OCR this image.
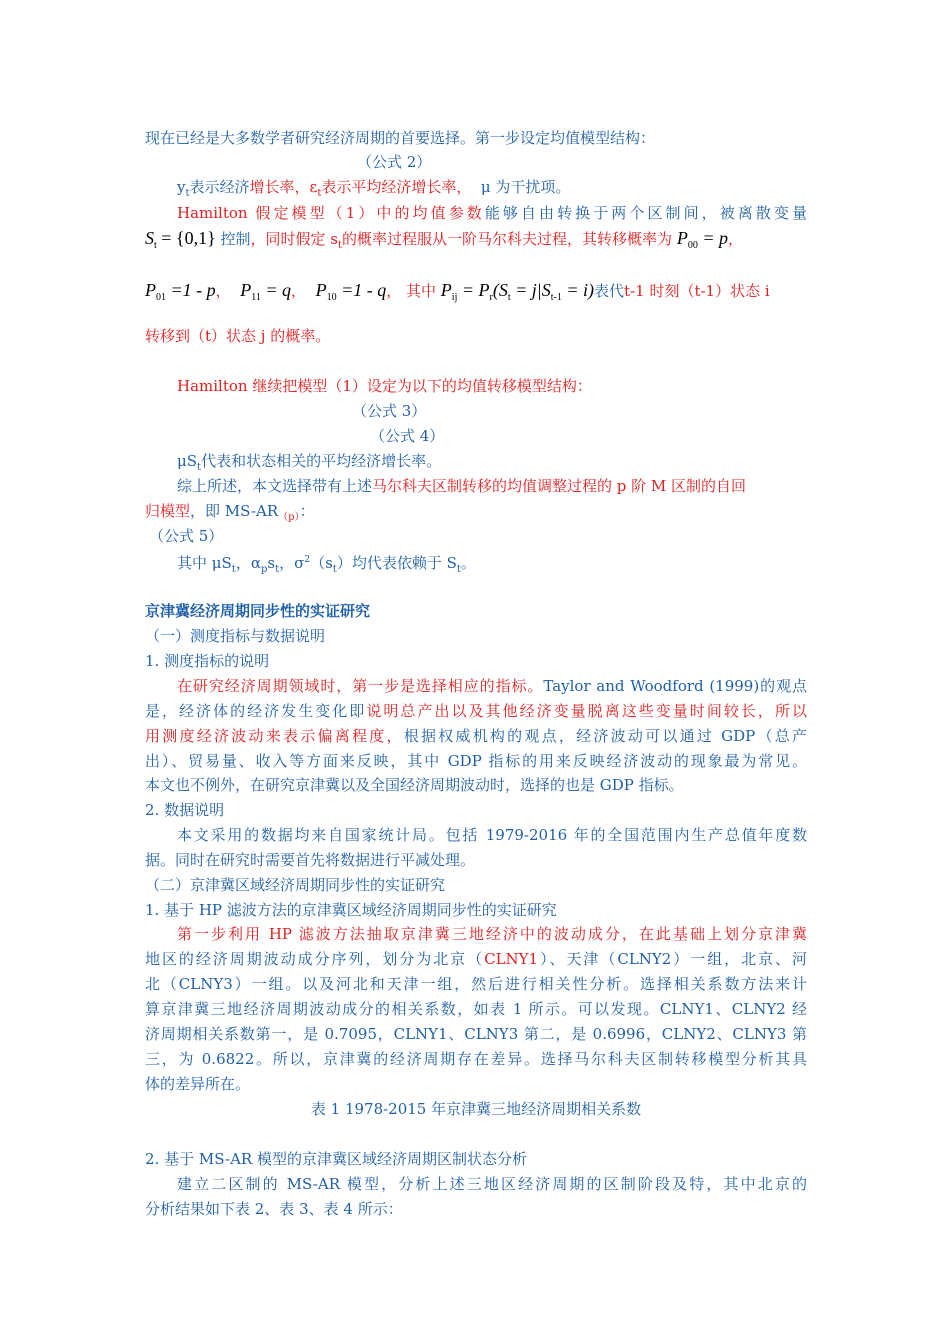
现在已经是大多数学者研究经济周期的首要选择。第一步设定均值模型结构：
（公式 2）
$y_t$表示经济增长率，$\varepsilon_t$表示平均经济增长率， μ 为干扰项。
Hamilton 假定模型（1）中的均值参数能够自由转换于两个区制间，被离散变量
$S_t = \{0,1\}$ 控制，同时假定 $s_t$的概率过程服从一阶马尔科夫过程，其转移概率为 $P_{00} = p$，
$P_{01} =1 - p$， $P_{11} = q$， $P_{10} =1 - q$， 其中 $P_{ij} = P_r(S_t = j|S_{t-1} = i)$表代t-1 时刻（t-1）状态 i
转移到（t）状态 j 的概率。
Hamilton 继续把模型（1）设定为以下的均值转移模型结构：
（公式 3）
（公式 4）
$\mu S_t$代表和状态相关的平均经济增长率。
综上所述，本文选择带有上述马尔科夫区制转移的均值调整过程的 p 阶 M 区制的自回
归模型，即 $MS-AR_{(p)}$：
（公式 5）
其中 $\mu S_t$，$\alpha_ps_t$，$\sigma^2(s_t)$均代表依赖于 $S_t$。
京津冀经济周期同步性的实证研究
（一）测度指标与数据说明
1. 测度指标的说明
在研究经济周期领域时，第一步是选择相应的指标。Taylor and Woodford (1999)的观点
是，经济体的经济发生变化即说明总产出以及其他经济变量脱离这些变量时间较长，所以
用测度经济波动来表示偏离程度，根据权威机构的观点，经济波动可以通过 GDP（总产
出）、贸易量、收入等方面来反映，其中 GDP 指标的用来反映经济波动的现象最为常见。
本文也不例外，在研究京津冀以及全国经济周期波动时，选择的也是 GDP 指标。
2. 数据说明
本文采用的数据均来自国家统计局。包括 1979-2016 年的全国范围内生产总值年度数
据。同时在研究时需要首先将数据进行平减处理。
（二）京津冀区域经济周期同步性的实证研究
1. 基于 HP 滤波方法的京津冀区域经济周期同步性的实证研究
第一步利用 HP 滤波方法抽取京津冀三地经济中的波动成分，在此基础上划分京津冀
地区的经济周期波动成分序列，划分为北京（CLNY1）、天津（CLNY2）一组，北京、河
北（CLNY3）一组。以及河北和天津一组，然后进行相关性分析。选择相关系数方法来计
算京津冀三地经济周期波动成分的相关系数，如表 1 所示。可以发现。CLNY1、CLNY2 经
济周期相关系数第一，是 0.7095，CLNY1、CLNY3 第二，是 0.6996，CLNY2、CLNY3 第
三，为 0.6822。所以，京津冀的经济周期存在差异。选择马尔科夫区制转移模型分析其具
体的差异所在。
表 1 1978-2015 年京津冀三地经济周期相关系数
2. 基于 MS-AR 模型的京津冀区域经济周期区制状态分析
建立二区制的 MS-AR 模型，分析上述三地区经济周期的区制阶段及特，其中北京的
分析结果如下表 2、表 3、表 4 所示：
